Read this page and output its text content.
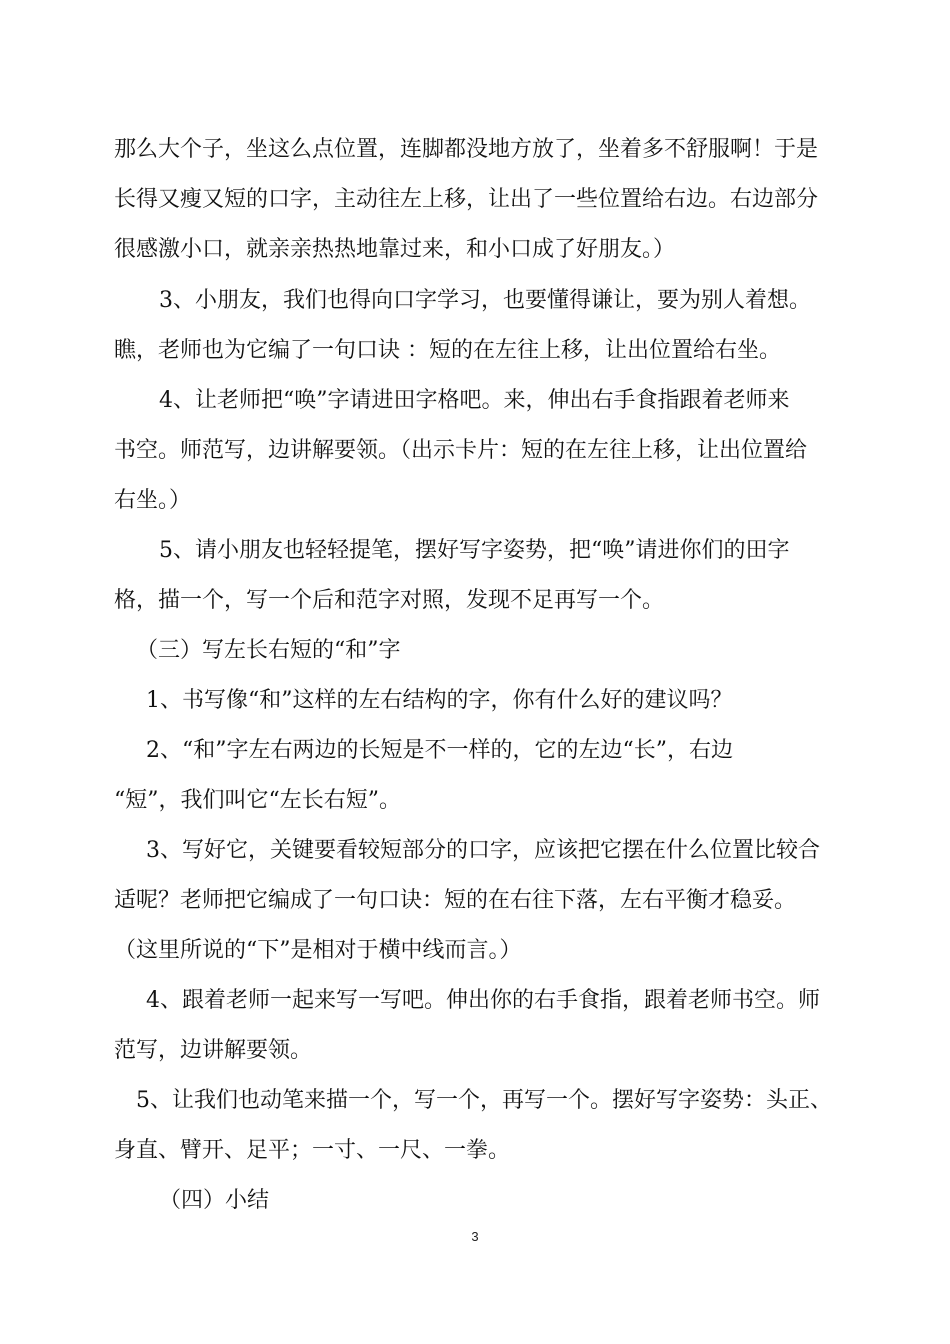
那么大个子，坐这么点位置，连脚都没地方放了，坐着多不舒服啊！于是
长得又瘦又短的口字，主动往左上移，让出了一些位置给右边。右边部分
很感激小口，就亲亲热热地靠过来，和小口成了好朋友。）
3、小朋友，我们也得向口字学习，也要懂得谦让，要为别人着想。
瞧，老师也为它编了一句口诀 ：短的在左往上移，让出位置给右坐。
4、让老师把“唤”字请进田字格吧。来，伸出右手食指跟着老师来
书空。师范写，边讲解要领。（出示卡片：短的在左往上移，让出位置给
右坐。）
5、请小朋友也轻轻提笔，摆好写字姿势，把“唤”请进你们的田字
格，描一个，写一个后和范字对照，发现不足再写一个。
（三）写左长右短的“和”字
1、书写像“和”这样的左右结构的字，你有什么好的建议吗？
2、“和”字左右两边的长短是不一样的，它的左边“长”，右边
“短”，我们叫它“左长右短”。
3、写好它，关键要看较短部分的口字，应该把它摆在什么位置比较合
适呢？老师把它编成了一句口诀：短的在右往下落，左右平衡才稳妥。
（这里所说的“下”是相对于横中线而言。）
4、跟着老师一起来写一写吧。伸出你的右手食指，跟着老师书空。师
范写，边讲解要领。
5、让我们也动笔来描一个，写一个，再写一个。摆好写字姿势：头正、
身直、臂开、足平；一寸、一尺、一拳。
（四）小结
3
